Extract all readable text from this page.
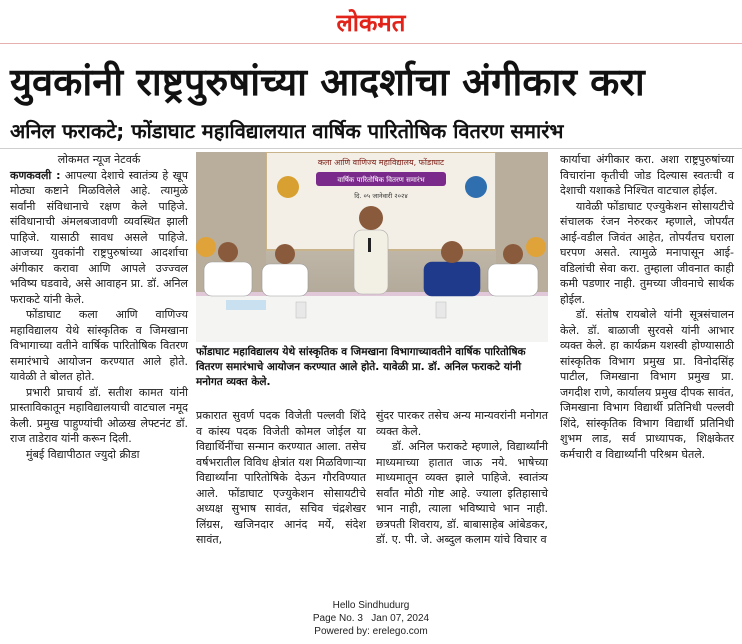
लोकमत
युवकांनी राष्ट्रपुरुषांच्या आदर्शाचा अंगीकार करा
अनिल फराकटे; फोंडाघाट महाविद्यालयात वार्षिक पारितोषिक वितरण समारंभ

लोकमत न्यूज नेटवर्क

कणकवली : आपल्या देशाचे स्वातंत्र्य हे खूप मोठ्या कष्टाने मिळविलेले आहे. त्यामुळे सर्वांनी संविधानाचे रक्षण केले पाहिजे. संविधानाची अंमलबजावणी व्यवस्थित झाली पाहिजे. यासाठी सावध असले पाहिजे. आजच्या युवकांनी राष्ट्रपुरुषांच्या आदर्शाचा अंगीकार करावा आणि आपले उज्ज्वल भविष्य घडवावे, असे आवाहन प्रा. डॉ. अनिल फराकटे यांनी केले.

फोंडाघाट कला आणि वाणिज्य महाविद्यालय येथे सांस्कृतिक व जिमखाना विभागाच्या वतीने वार्षिक पारितोषिक वितरण समारंभाचे आयोजन करण्यात आले होते. यावेळी ते बोलत होते.

प्रभारी प्राचार्य डॉ. सतीश कामत यांनी प्रास्ताविकातून महाविद्यालयाची वाटचाल नमूद केली. प्रमुख पाहुण्यांची ओळख लेफ्टनंट डॉ. राज ताडेराव यांनी करून दिली.

मुंबई विद्यापीठात ज्युदो क्रीडा

कला आणि वाणिज्य महाविद्यालय, फोंडाघाट
वार्षिक पारितोषिक वितरण समारंभ
दि. ०५ जानेवारी २०२४
फोंडाघाट महाविद्यालय येथे सांस्कृतिक व जिमखाना विभागाच्यावतीने वार्षिक पारितोषिक वितरण समारंभाचे आयोजन करण्यात आले होते. यावेळी प्रा. डॉ. अनिल फराकटे यांनी मनोगत व्यक्त केले.

प्रकारात सुवर्ण पदक विजेती पल्लवी शिंदे व कांस्य पदक विजेती कोमल जोईल या विद्यार्थिनींचा सन्मान करण्यात आला. तसेच वर्षभरातील विविध क्षेत्रांत यश मिळविणाऱ्या विद्यार्थ्यांना पारितोषिके देऊन गौरविण्यात आले. फोंडाघाट एज्युकेशन सोसायटीचे अध्यक्ष सुभाष सावंत, सचिव चंद्रशेखर लिंग्रस, खजिनदार आनंद मर्ये, संदेश सावंत,

सुंदर पारकर तसेच अन्य मान्यवरांनी मनोगत व्यक्त केले.

डॉ. अनिल फराकटे म्हणाले, विद्यार्थ्यांनी माध्यमाच्या हातात जाऊ नये. भाषेच्या माध्यमातून व्यक्त झाले पाहिजे. स्वातंत्र्य सर्वांत मोठी गोष्ट आहे. ज्याला इतिहासाचे भान नाही, त्याला भविष्याचे भान नाही. छत्रपती शिवराय, डॉ. बाबासाहेब आंबेडकर, डॉ. ए. पी. जे. अब्दुल कलाम यांचे विचार व

कार्याचा अंगीकार करा. अशा राष्ट्रपुरुषांच्या विचारांना कृतीची जोड दिल्यास स्वतःची व देशाची यशाकडे निश्चित वाटचाल होईल.

यावेळी फोंडाघाट एज्युकेशन सोसायटीचे संचालक रंजन नेरुरकर म्हणाले, जोपर्यंत आई-वडील जिवंत आहेत, तोपर्यंतच घराला घरपण असते. त्यामुळे मनापासून आई-वडिलांची सेवा करा. तुम्हाला जीवनात काही कमी पडणार नाही. तुमच्या जीवनाचे सार्थक होईल.

डॉ. संतोष रायबोले यांनी सूत्रसंचालन केले. डॉ. बाळाजी सुरवसे यांनी आभार व्यक्त केले. हा कार्यक्रम यशस्वी होण्यासाठी सांस्कृतिक विभाग प्रमुख प्रा. विनोदसिंह पाटील, जिमखाना विभाग प्रमुख प्रा. जगदीश राणे, कार्यालय प्रमुख दीपक सावंत, जिमखाना विभाग विद्यार्थी प्रतिनिधी पल्लवी शिंदे, सांस्कृतिक विभाग विद्यार्थी प्रतिनिधी शुभम लाड, सर्व प्राध्यापक, शिक्षकेतर कर्मचारी व विद्यार्थ्यांनी परिश्रम घेतले.

Hello Sindhudurg
Page No. 3   Jan 07, 2024
Powered by: erelego.com
